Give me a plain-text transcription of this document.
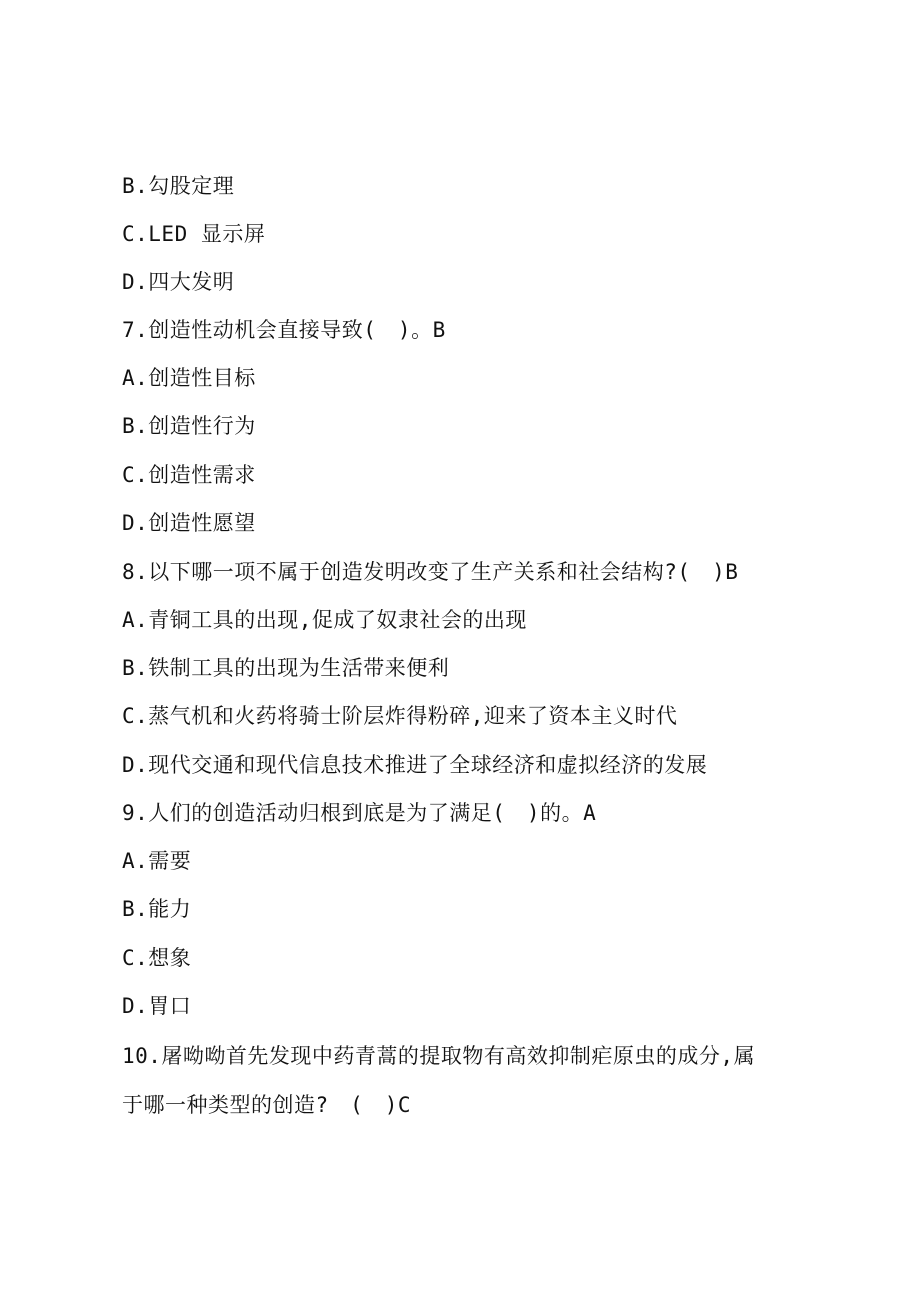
B.勾股定理
C.LED 显示屏
D.四大发明
7.创造性动机会直接导致(　)。B
A.创造性目标
B.创造性行为
C.创造性需求
D.创造性愿望
8.以下哪一项不属于创造发明改变了生产关系和社会结构?(　)B
A.青铜工具的出现,促成了奴隶社会的出现
B.铁制工具的出现为生活带来便利
C.蒸气机和火药将骑士阶层炸得粉碎,迎来了资本主义时代
D.现代交通和现代信息技术推进了全球经济和虚拟经济的发展
9.人们的创造活动归根到底是为了满足(　)的。A
A.需要
B.能力
C.想象
D.胃口
10.屠呦呦首先发现中药青蒿的提取物有高效抑制疟原虫的成分,属
于哪一种类型的创造?　(　)C
